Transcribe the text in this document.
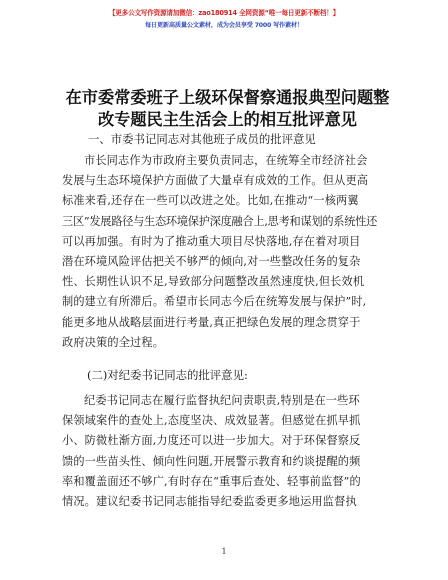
【更多公文写作资源请加微信：zao180914 全网资源“唯一每日更新不断档！】
每日更新高质量公文素材，成为会员享受 7000 写作素材！
在市委常委班子上级环保督察通报典型问题整
改专题民主生活会上的相互批评意见
一、市委书记同志对其他班子成员的批评意见
市长同志作为市政府主要负责同志，在统筹全市经济社会
发展与生态环境保护方面做了大量卓有成效的工作。但从更高
标准来看,还存在一些可以改进之处。比如,在推动“一核两翼
三区”发展路径与生态环境保护深度融合上,思考和谋划的系统性还
可以再加强。有时为了推动重大项目尽快落地,存在着对项目
潜在环境风险评估把关不够严的倾向,对一些整改任务的复杂
性、长期性认识不足,导致部分问题整改虽然速度快,但长效机
制的建立有所滞后。希望市长同志今后在统筹发展与保护”时,
能更多地从战略层面进行考量,真正把绿色发展的理念贯穿于
政府决策的全过程。
(二)对纪委书记同志的批评意见:
纪委书记同志在履行监督执纪问责职责,特别是在一些环
保领域案件的查处上,态度坚决、成效显著。但感觉在抓早抓
小、防微杜渐方面,力度还可以进一步加大。对于环保督察反
馈的一些苗头性、倾向性问题,开展警示教育和约谈提醒的频
率和覆盖面还不够广,有时存在“重事后查处、轻事前监督”的
情况。建议纪委书记同志能指导纪委监委更多地运用监督执
1
